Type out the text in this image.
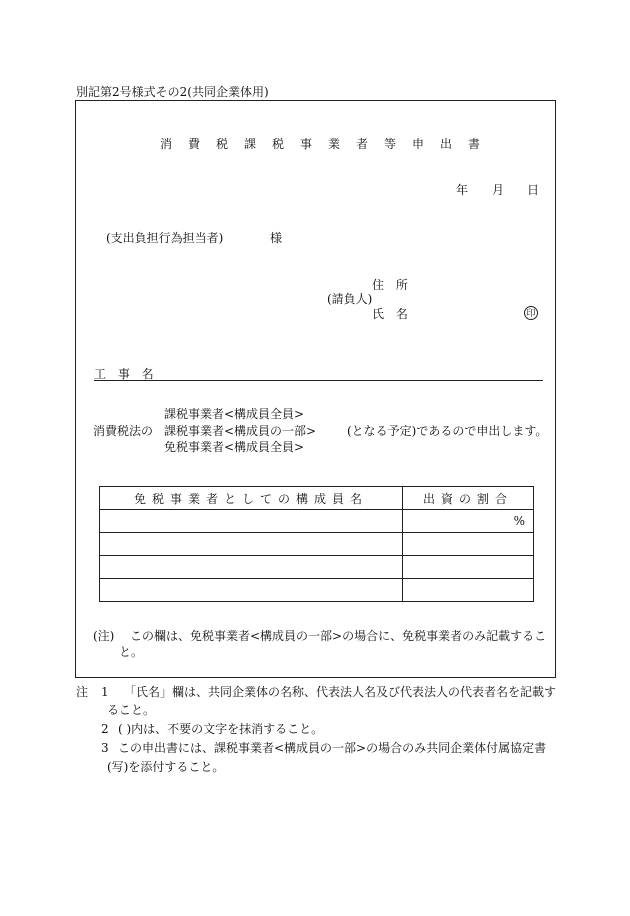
別記第2号様式その2(共同企業体用)
消費税課税事業者等申出書
年 月 日
(支出負担行為担当者)	様
住 所
(請負人)
氏 名	印
工 事 名
消費税法の
課税事業者<構成員全員>
課税事業者<構成員の一部>	(となる予定)であるので申出します。
免税事業者<構成員全員>
免税事業者としての構成員名	出資の割合
	%

(注) この欄は、免税事業者<構成員の一部>の場合に、免税事業者のみ記載するこ
と。
注 1 「氏名」欄は、共同企業体の名称、代表法人名及び代表法人の代表者名を記載す
ること。
2 ( )内は、不要の文字を抹消すること。
3 この申出書には、課税事業者<構成員の一部>の場合のみ共同企業体付属協定書
(写)を添付すること。
